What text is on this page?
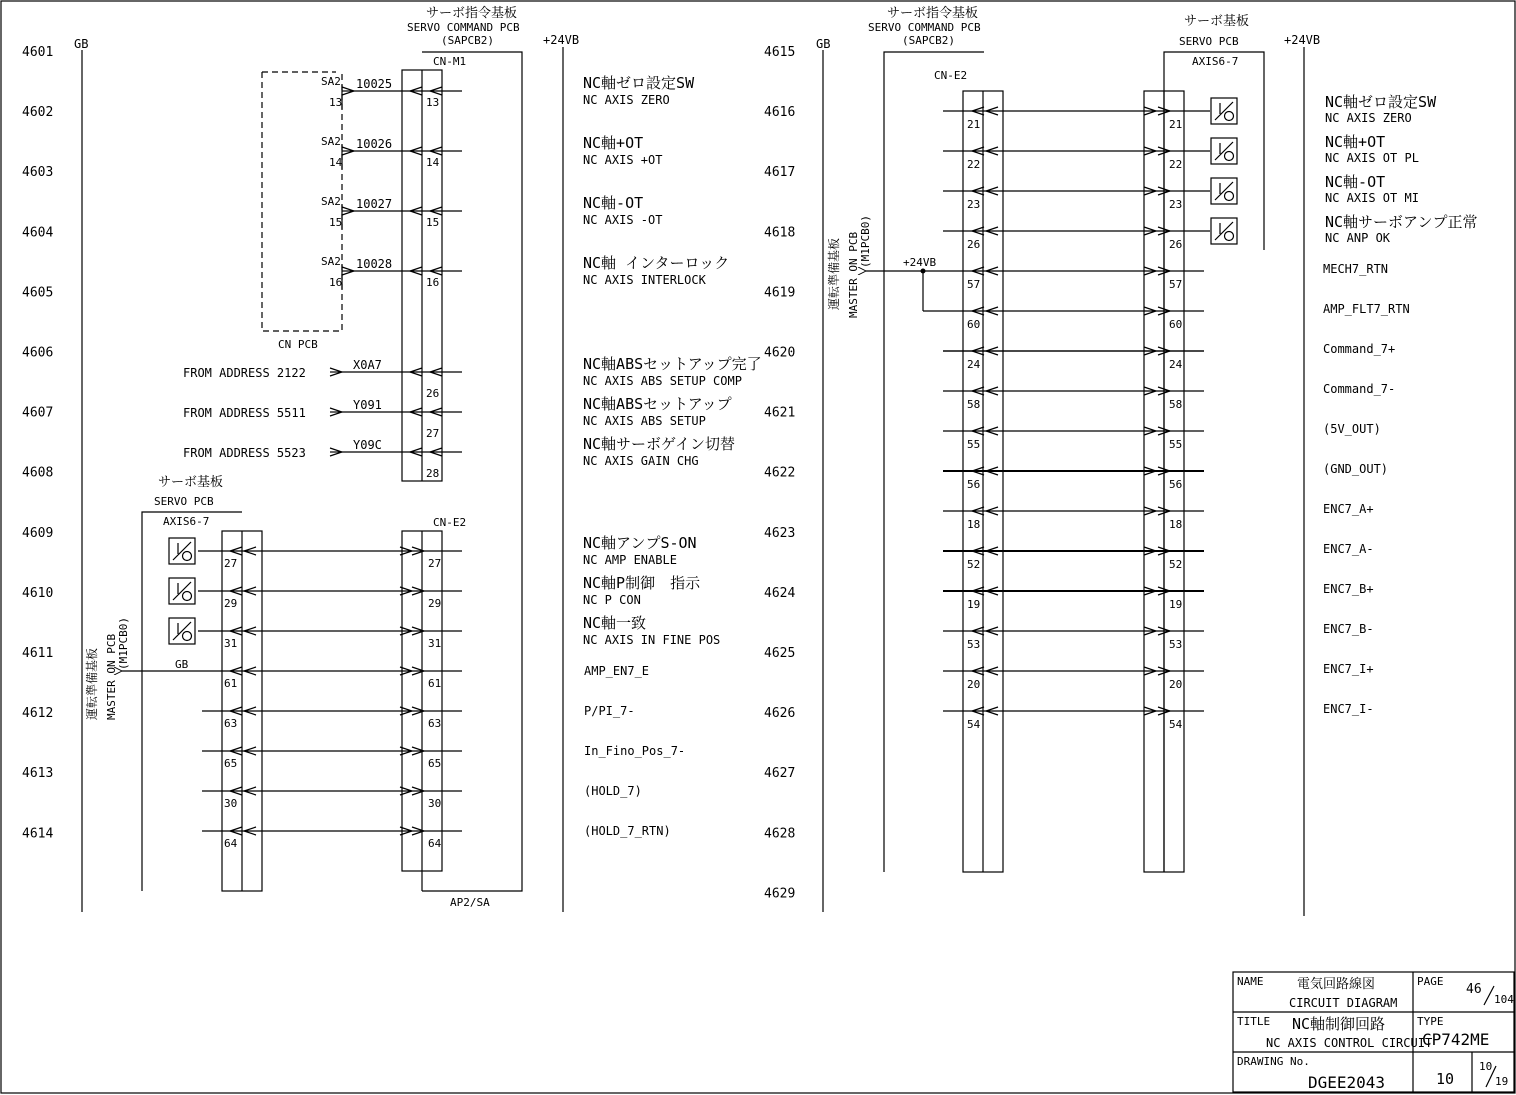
4601
4602
4603
4604
4605
4606
4607
4608
4609
4610
4611
4612
4613
4614
GB	+24VB
サーボ指令基板
SERVO COMMAND PCB
(SAPCB2)
CN-M1
CN-E2
AP2/SA
CN PCB
SA2
13
10025
13
SA2
14
10026
14
SA2
15
10027
15
SA2
16
10028
16
FROM ADDRESS 2122
X0A7
26
FROM ADDRESS 5511
Y091
27
FROM ADDRESS 5523
Y09C
28
サーボ基板
SERVO PCB
AXIS6-7
運転準備基板 MASTER ON PCB (M1PCB0)	GB
27	27
29	29
31	31
61	61
63	63
65	65
30	30
64	64
NC軸ゼロ設定SW
NC AXIS ZERO
NC軸+OT
NC AXIS +OT
NC軸-OT
NC AXIS -OT
NC軸 インターロック
NC AXIS INTERLOCK
NC軸ABSセットアップ完了
NC AXIS ABS SETUP COMP
NC軸ABSセットアップ
NC AXIS ABS SETUP
NC軸サーボゲイン切替
NC AXIS GAIN CHG
NC軸アンプS-ON
NC AMP ENABLE
NC軸P制御　指示
NC P CON
NC軸一致
NC AXIS IN FINE POS
AMP_EN7_E
P/PI_7-
In_Fino_Pos_7-
(HOLD_7)
(HOLD_7_RTN)
4615
4616
4617
4618
4619
4620
4621
4622
4623
4624
4625
4626
4627
4628
4629
GB	+24VB
サーボ指令基板
SERVO COMMAND PCB
(SAPCB2)
CN-E2
サーボ基板
SERVO PCB
AXIS6-7
運転準備基板 MASTER ON PCB (M1PCB0)	+24VB
21	21
22	22
23	23
26	26
57	57
60	60
24	24
58	58
55	55
56	56
18	18
52	52
19	19
53	53
20	20
54	54
NC軸ゼロ設定SW
NC AXIS ZERO
NC軸+OT
NC AXIS OT PL
NC軸-OT
NC AXIS OT MI
NC軸サーボアンプ正常
NC ANP OK
MECH7_RTN
AMP_FLT7_RTN
Command_7+
Command_7-
(5V_OUT)
(GND_OUT)
ENC7_A+
ENC7_A-
ENC7_B+
ENC7_B-
ENC7_I+
ENC7_I-
NAME	電気回路線図
CIRCUIT DIAGRAM
PAGE
46
104
TITLE NC軸制御回路
NC AXIS CONTROL CIRCUIT
TYPE
CP742ME
DRAWING No.
DGEE2043	10
10
19
